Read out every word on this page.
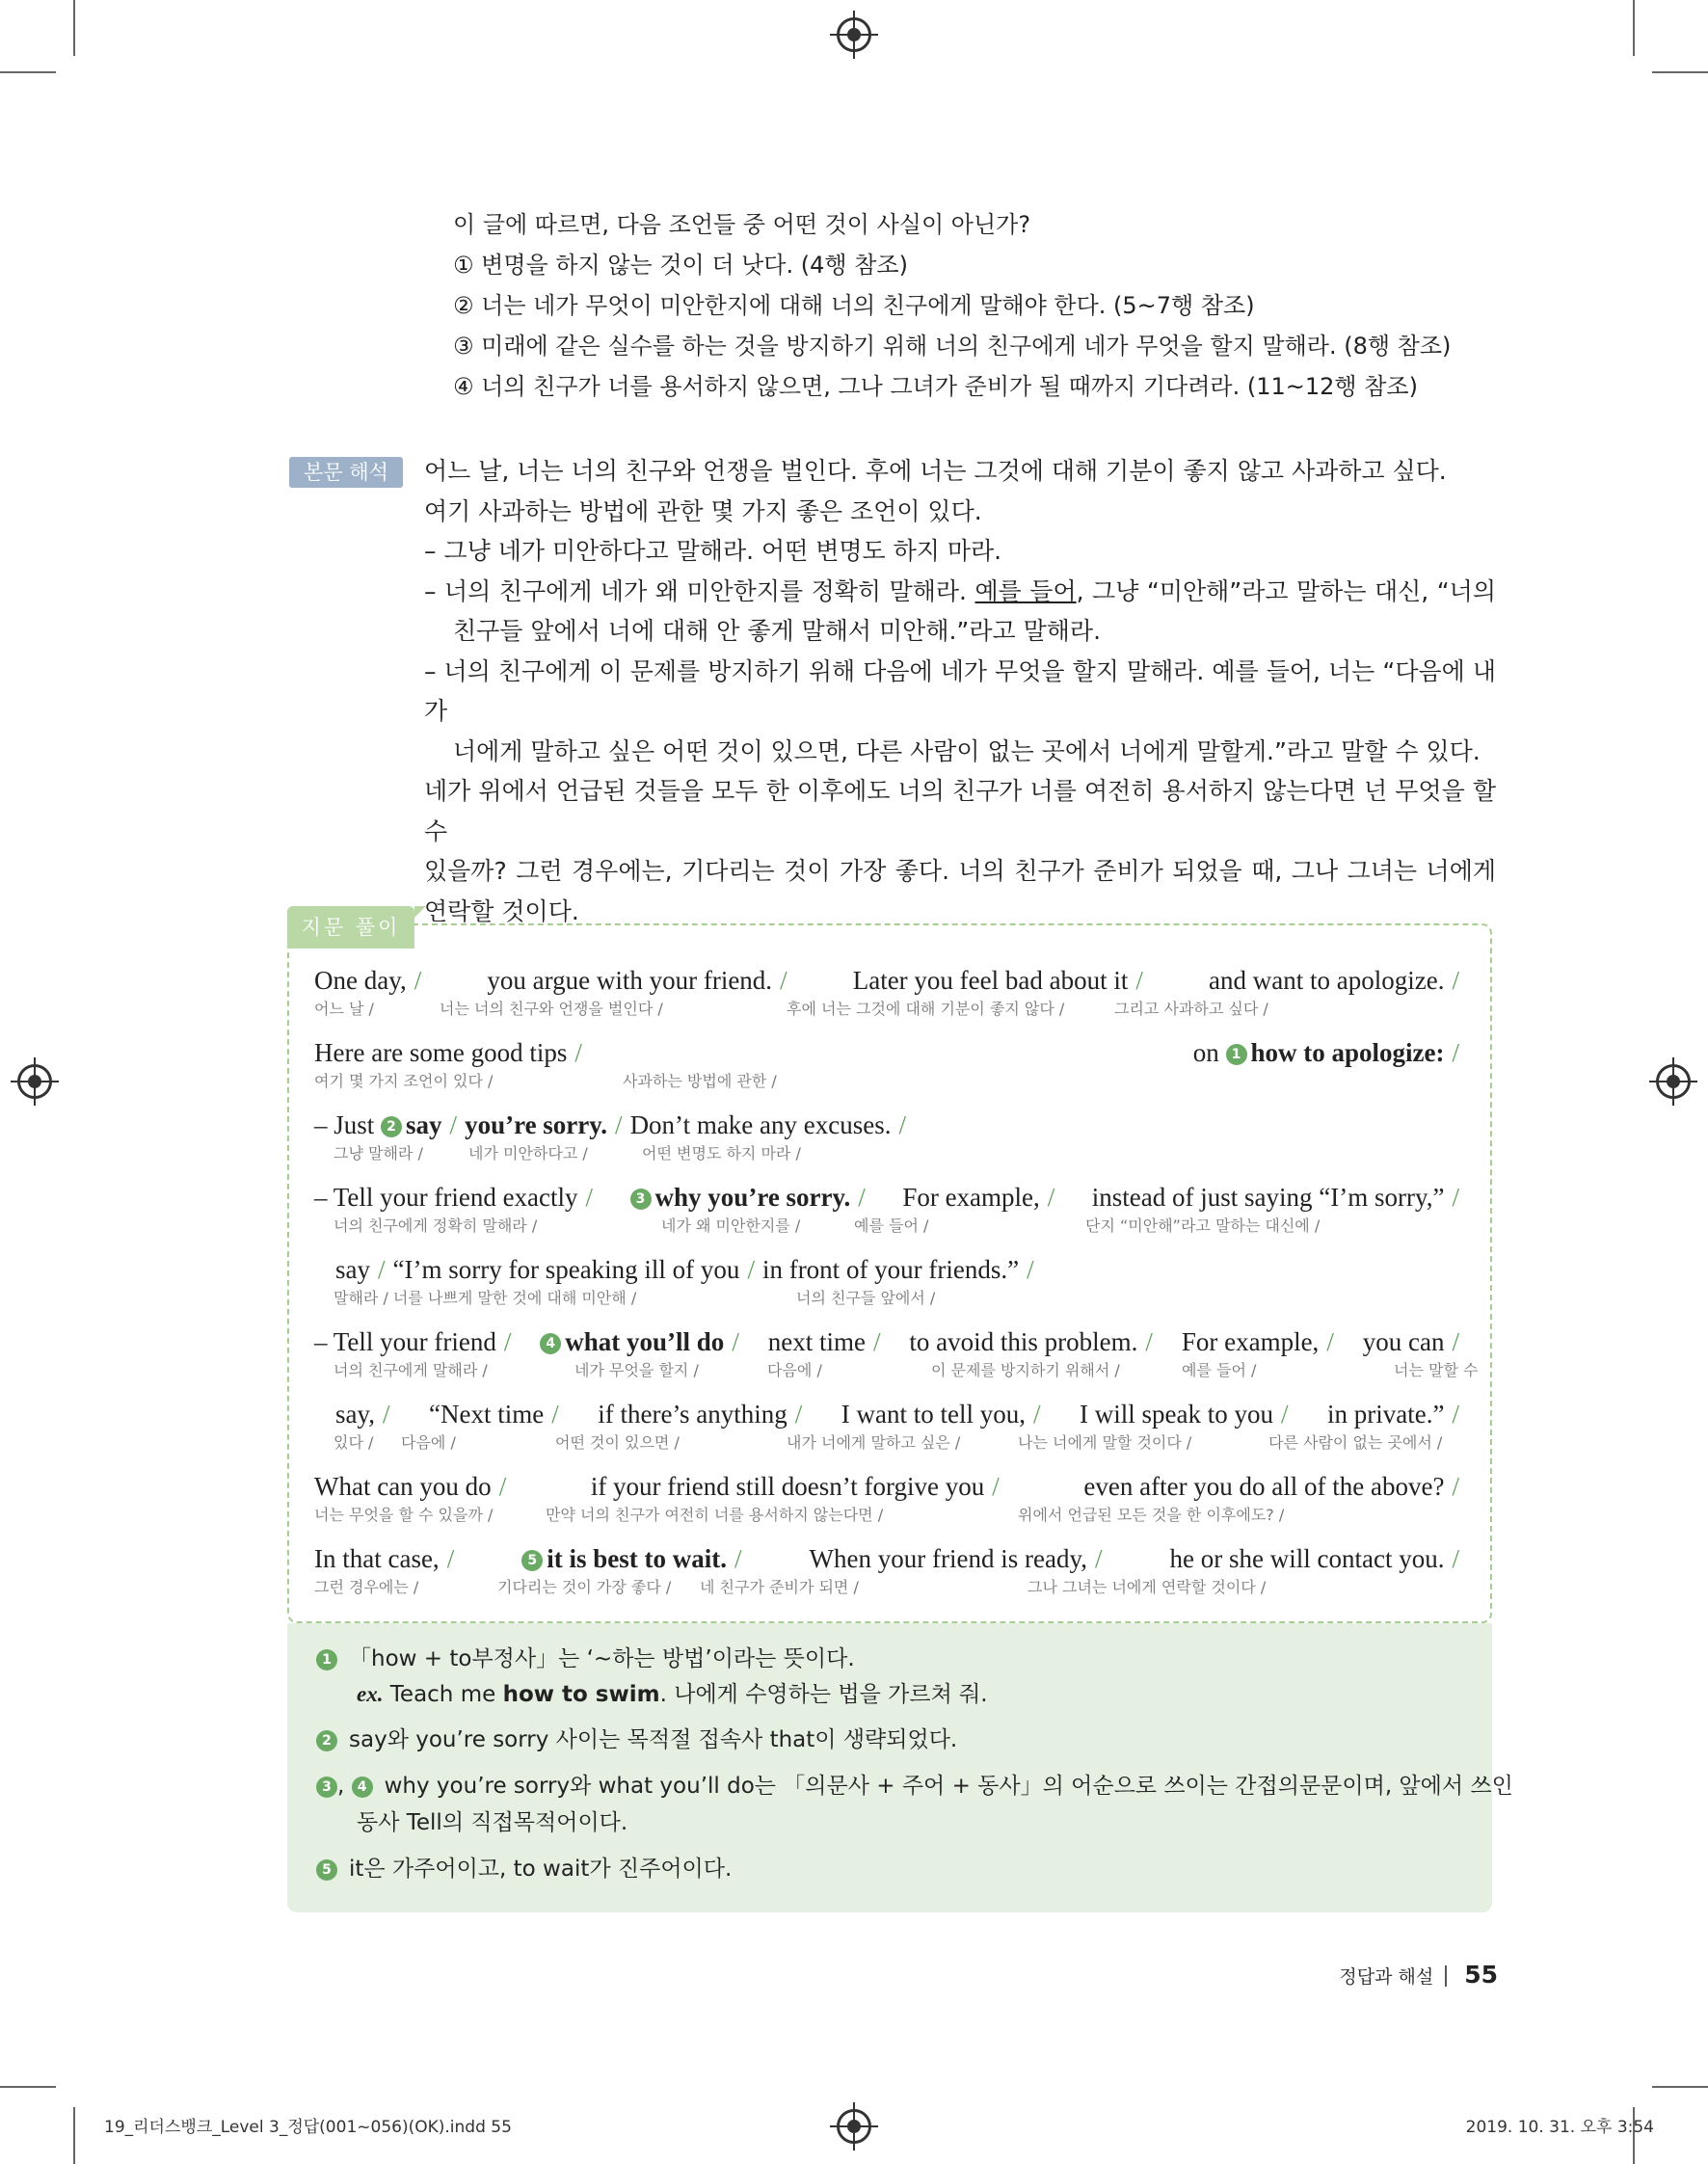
이 글에 따르면, 다음 조언들 중 어떤 것이 사실이 아닌가?
① 변명을 하지 않는 것이 더 낫다. (4행 참조)
② 너는 네가 무엇이 미안한지에 대해 너의 친구에게 말해야 한다. (5~7행 참조)
③ 미래에 같은 실수를 하는 것을 방지하기 위해 너의 친구에게 네가 무엇을 할지 말해라. (8행 참조)
④ 너의 친구가 너를 용서하지 않으면, 그나 그녀가 준비가 될 때까지 기다려라. (11~12행 참조)
본문 해석	어느 날, 너는 너의 친구와 언쟁을 벌인다. 후에 너는 그것에 대해 기분이 좋지 않고 사과하고 싶다.

여기 사과하는 방법에 관한 몇 가지 좋은 조언이 있다.

– 그냥 네가 미안하다고 말해라. 어떤 변명도 하지 마라.

– 너의 친구에게 네가 왜 미안한지를 정확히 말해라. 예를 들어, 그냥 “미안해”라고 말하는 대신, “너의

친구들 앞에서 너에 대해 안 좋게 말해서 미안해.”라고 말해라.

– 너의 친구에게 이 문제를 방지하기 위해 다음에 네가 무엇을 할지 말해라. 예를 들어, 너는 “다음에 내가

너에게 말하고 싶은 어떤 것이 있으면, 다른 사람이 없는 곳에서 너에게 말할게.”라고 말할 수 있다.

네가 위에서 언급된 것들을 모두 한 이후에도 너의 친구가 너를 여전히 용서하지 않는다면 넌 무엇을 할 수

있을까? 그런 경우에는, 기다리는 것이 가장 좋다. 너의 친구가 준비가 되었을 때, 그나 그녀는 너에게

연락할 것이다.

지문 풀이
One day, /	you argue with your friend. /	Later you feel bad about it /	and want to apologize. /
어느 날 /	너는 너의 친구와 언쟁을 벌인다 /	후에 너는 그것에 대해 기분이 좋지 않다 /	그리고 사과하고 싶다 /
Here are some good tips /	on 1 how to apologize: /
여기 몇 가지 조언이 있다 /	사과하는 방법에 관한 /
– Just 2 say / you’re sorry. / Don’t make any excuses. /
그냥 말해라 /	네가 미안하다고 /	어떤 변명도 하지 마라 /
– Tell your friend exactly /	3 why you’re sorry. / For example, / instead of just saying “I’m sorry,” /
너의 친구에게 정확히 말해라 /	네가 왜 미안한지를 /	예를 들어 /	단지 “미안해”라고 말하는 대신에 /
say / “I’m sorry for speaking ill of you / in front of your friends.” /
말해라 / 너를 나쁘게 말한 것에 대해 미안해 /	너의 친구들 앞에서 /
– Tell your friend /	4 what you’ll do / next time / to avoid this problem. / For example, / you can /
너의 친구에게 말해라 /	네가 무엇을 할지 /	다음에 /	이 문제를 방지하기 위해서 /	예를 들어 /	너는 말할 수
say, / “Next time / if there’s anything / I want to tell you, / I will speak to you / in private.” /
있다 / 다음에 /	어떤 것이 있으면 /	내가 너에게 말하고 싶은 /	나는 너에게 말할 것이다 /	다른 사람이 없는 곳에서 /
What can you do /	if your friend still doesn’t forgive you /	even after you do all of the above? /
너는 무엇을 할 수 있을까 /	만약 너의 친구가 여전히 너를 용서하지 않는다면 /	위에서 언급된 모든 것을 한 이후에도? /
In that case, /	5 it is best to wait. /	When your friend is ready, /	he or she will contact you. /
그런 경우에는 /	기다리는 것이 가장 좋다 / 네 친구가 준비가 되면 /	그나 그녀는 너에게 연락할 것이다 /
1 「how + to부정사」는 ‘~하는 방법’이라는 뜻이다.
ex. Teach me how to swim. 나에게 수영하는 법을 가르쳐 줘.
2 say와 you’re sorry 사이는 목적절 접속사 that이 생략되었다.
3 , 4 why you’re sorry와 what you’ll do는 「의문사 + 주어 + 동사」의 어순으로 쓰이는 간접의문문이며, 앞에서 쓰인
동사 Tell의 직접목적어이다.
5 it은 가주어이고, to wait가 진주어이다.
정답과 해설 55
19_리더스뱅크_Level 3_정답(001~056)(OK).indd 55	2019. 10. 31. 오후 3:54
